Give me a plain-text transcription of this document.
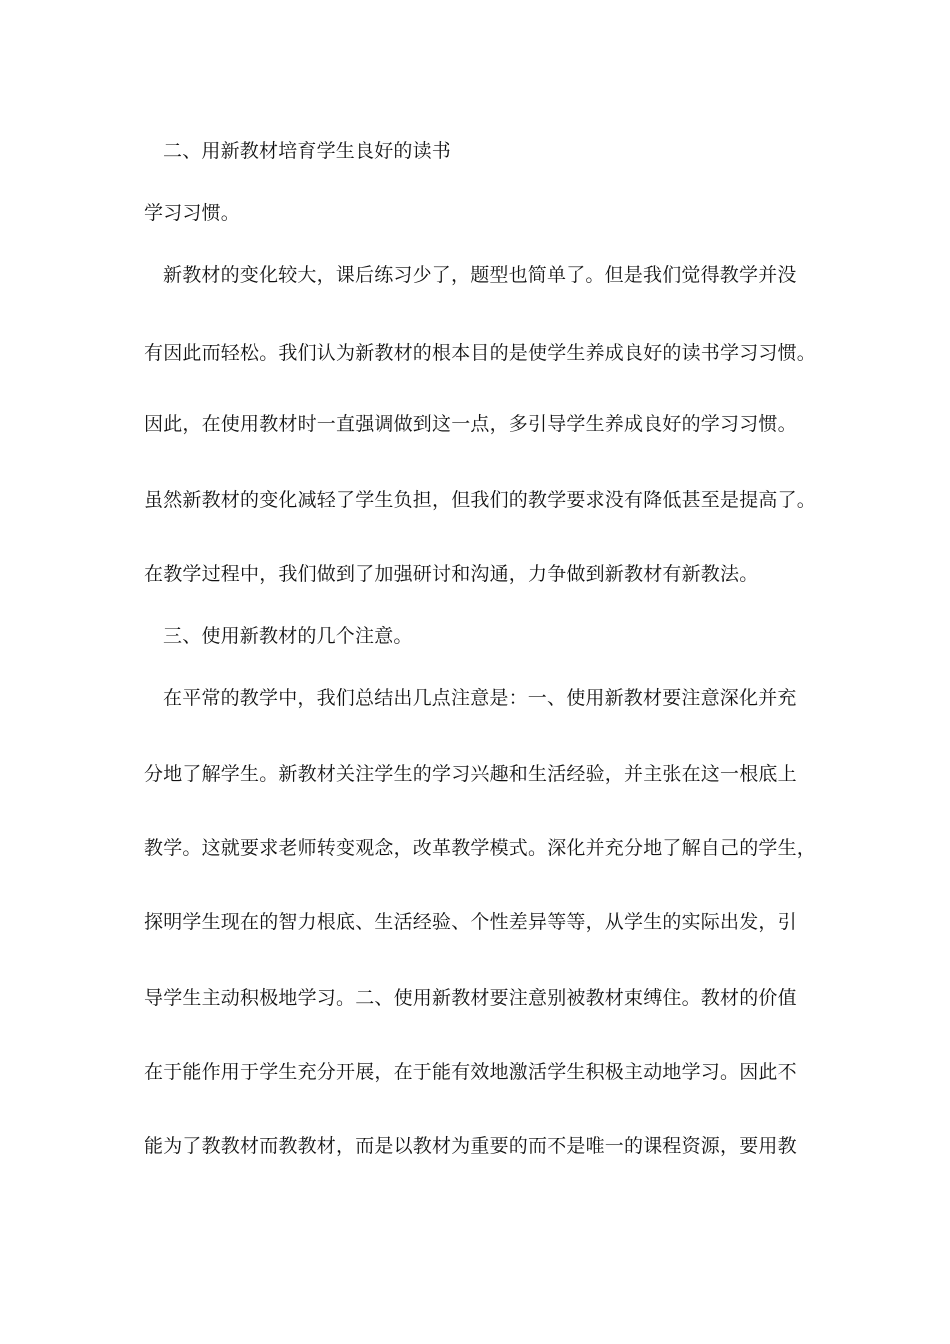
二、用新教材培育学生良好的读书
学习习惯。
新教材的变化较大，课后练习少了，题型也简单了。但是我们觉得教学并没
有因此而轻松。我们认为新教材的根本目的是使学生养成良好的读书学习习惯。
因此，在使用教材时一直强调做到这一点，多引导学生养成良好的学习习惯。
虽然新教材的变化减轻了学生负担，但我们的教学要求没有降低甚至是提高了。
在教学过程中，我们做到了加强研讨和沟通，力争做到新教材有新教法。
三、使用新教材的几个注意。
在平常的教学中，我们总结出几点注意是：一、使用新教材要注意深化并充
分地了解学生。新教材关注学生的学习兴趣和生活经验，并主张在这一根底上
教学。这就要求老师转变观念，改革教学模式。深化并充分地了解自己的学生，
探明学生现在的智力根底、生活经验、个性差异等等，从学生的实际出发，引
导学生主动积极地学习。二、使用新教材要注意别被教材束缚住。教材的价值
在于能作用于学生充分开展，在于能有效地激活学生积极主动地学习。因此不
能为了教教材而教教材，而是以教材为重要的而不是唯一的课程资源，要用教
